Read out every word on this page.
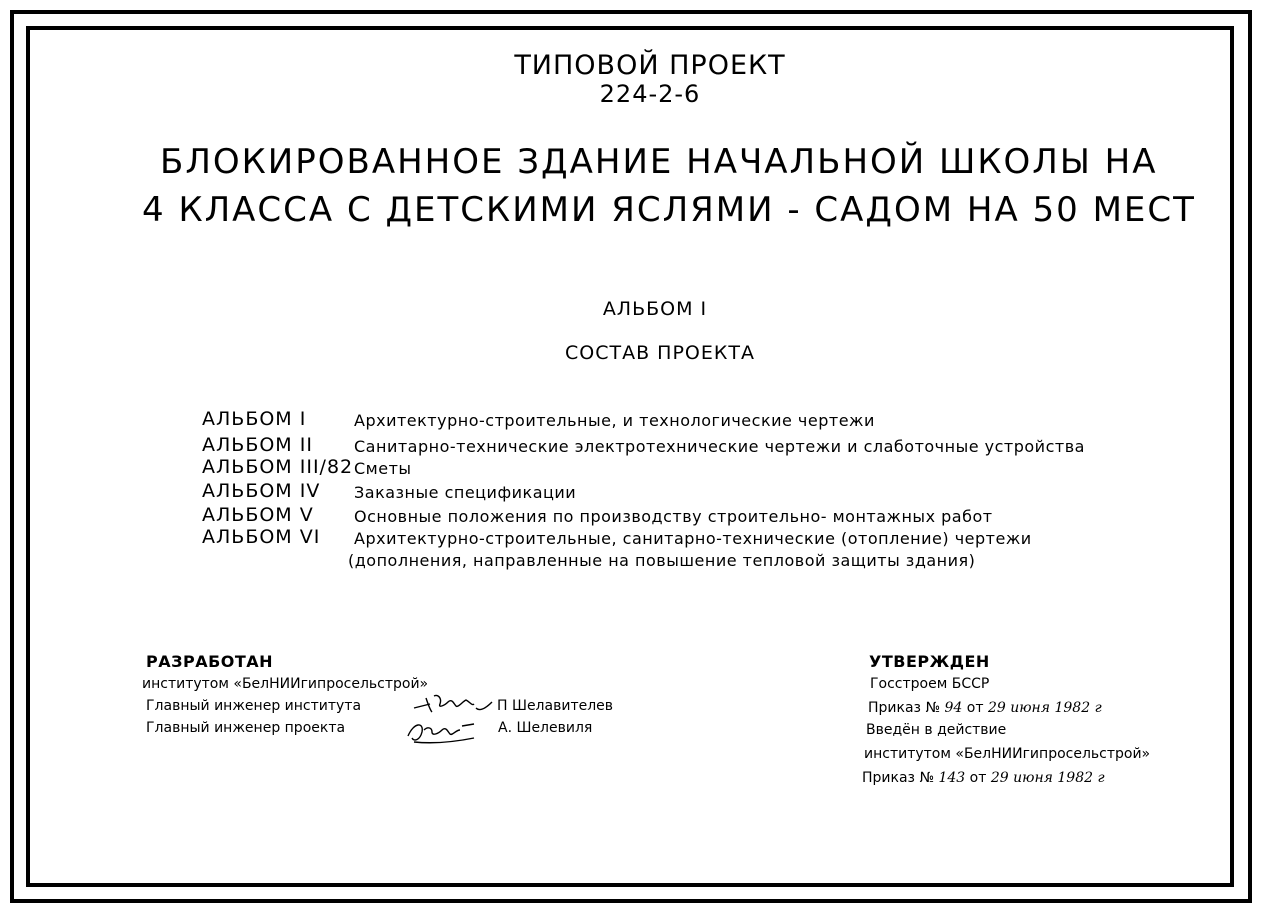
ТИПОВОЙ ПРОЕКТ
224-2-6
БЛОКИРОВАННОЕ ЗДАНИЕ НАЧАЛЬНОЙ ШКОЛЫ НА
4 КЛАССА С ДЕТСКИМИ ЯСЛЯМИ - САДОМ НА 50 МЕСТ
АЛЬБОМ I
СОСТАВ ПРОЕКТА
АЛЬБОМ I	Архитектурно-строительные, и технологические чертежи
АЛЬБОМ II	Санитарно-технические электротехнические чертежи и слаботочные устройства
АЛЬБОМ III/82 Сметы
АЛЬБОМ IV Заказные спецификации
АЛЬБОМ V	Основные положения по производству строительно- монтажных работ
АЛЬБОМ VI Архитектурно-строительные, санитарно-технические (отопление) чертежи
(дополнения, направленные на повышение тепловой защиты здания)
РАЗРАБОТАН
институтом «БелНИИгипросельстрой»
Главный инженер института	П Шелавителев
Главный инженер проекта	А. Шелевиля
УТВЕРЖДЕН
Госстроем БССР
Приказ № 94 от 29 июня 1982 г
Введён в действие
институтом «БелНИИгипросельстрой»
Приказ № 143 от 29 июня 1982 г
